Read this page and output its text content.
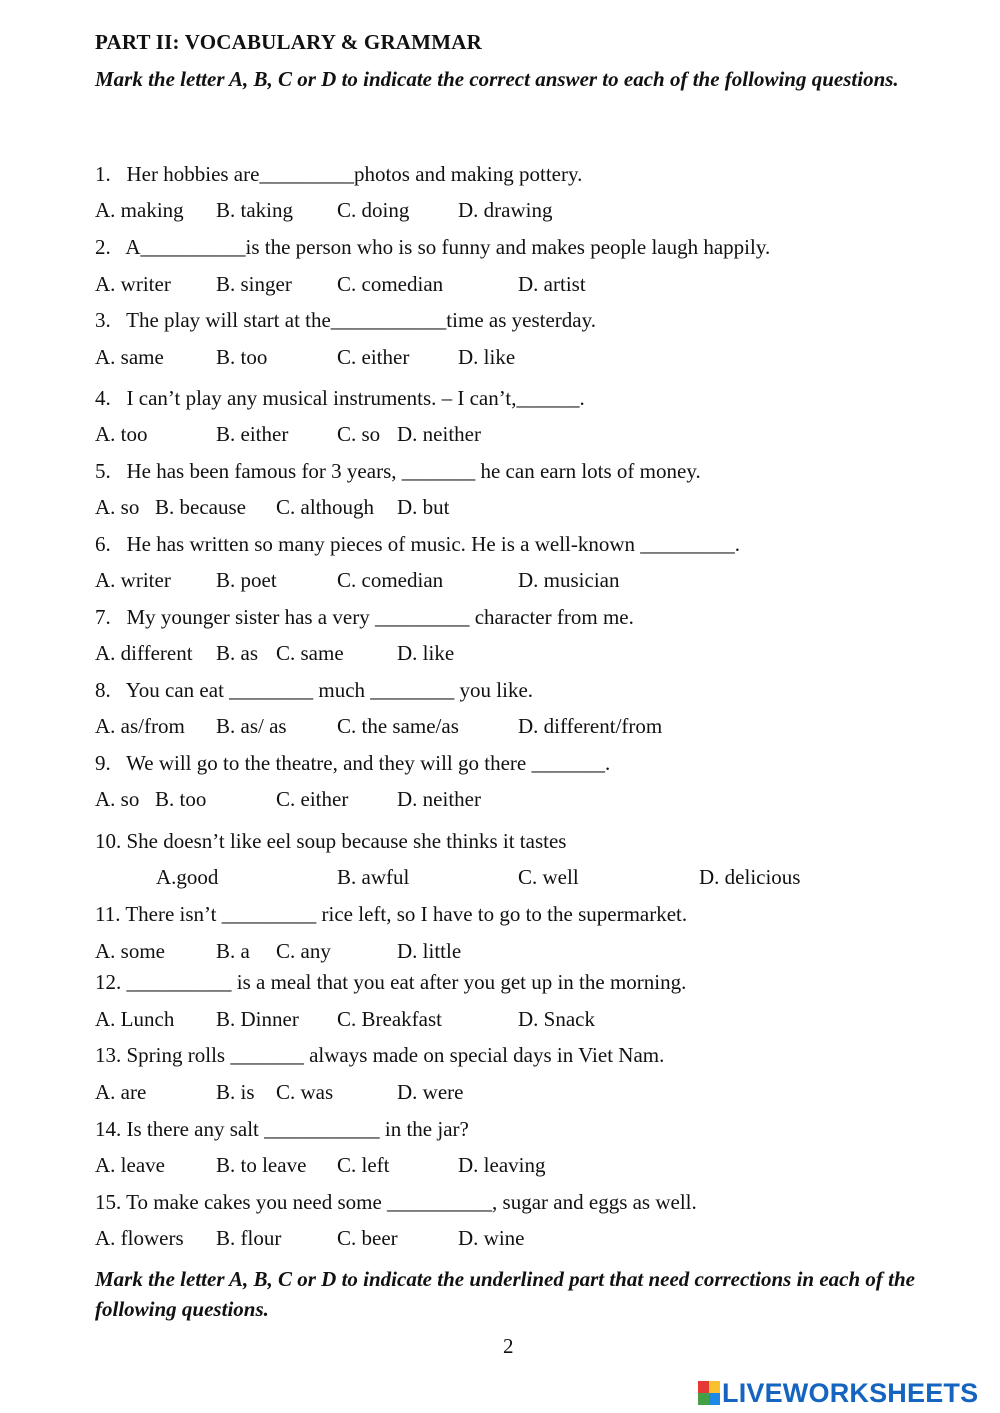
PART II: VOCABULARY & GRAMMAR
Mark the letter A, B, C or D to indicate the correct answer to each of the following questions.
1.   Her hobbies are_________photos and making pottery.
A. making B. taking C. doing D. drawing
2.   A__________is the person who is so funny and makes people laugh happily.
A. writer B. singer C. comedian	D. artist
3.   The play will start at the___________time as yesterday.
A. same B. too	C. either D. like
4.   I can’t play any musical instruments. – I can’t,______.
A. too	B. either C. so D. neither
5.   He has been famous for 3 years, _______ he can earn lots of money.
A. so B. because C. although D. but
6.   He has written so many pieces of music. He is a well-known _________.
A. writer B. poet	C. comedian	D. musician
7.   My younger sister has a very _________ character from me.
A. different B. as C. same	D. like
8.   You can eat ________ much ________ you like.
A. as/from B. as/ as C. the same/as	D. different/from
9.   We will go to the theatre, and they will go there _______.
A. so B. too	C. either D. neither
10. She doesn’t like eel soup because she thinks it tastes
A.good	B. awful	C. well	D. delicious
11. There isn’t _________ rice left, so I have to go to the supermarket.
A. some B. a C. any	D. little
12. __________ is a meal that you eat after you get up in the morning.
A. Lunch B. Dinner C. Breakfast	D. Snack
13. Spring rolls _______ always made on special days in Viet Nam.
A. are	B. is C. was	D. were
14. Is there any salt ___________ in the jar?
A. leave B. to leave C. left	D. leaving
15. To make cakes you need some __________, sugar and eggs as well.
A. flowers B. flour	C. beer	D. wine
Mark the letter A, B, C or D to indicate the underlined part that need corrections in each of the following questions.
2
LIVEWORKSHEETS
